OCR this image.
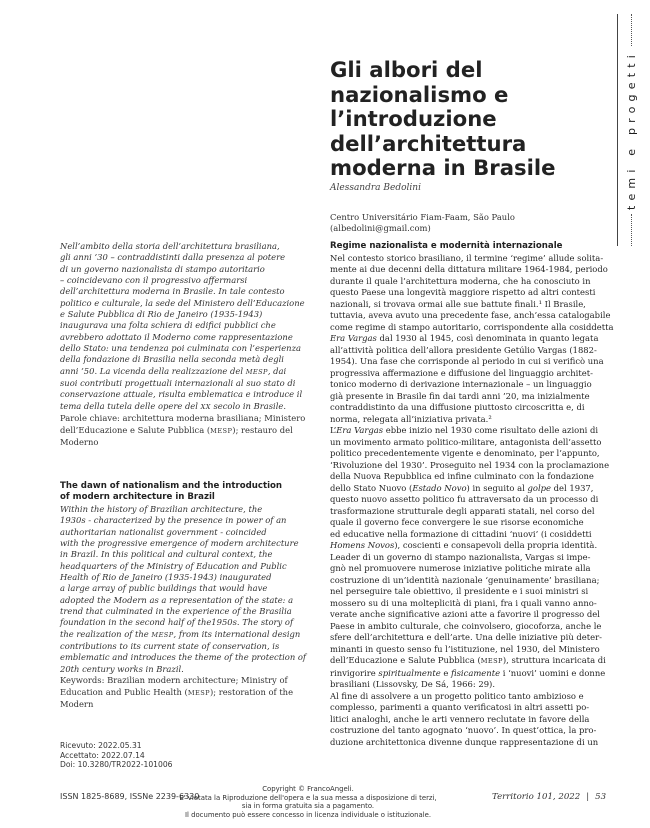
temi e progetti
Gli albori del
nazionalismo e
l’introduzione
dell’architettura
moderna in Brasile
Alessandra Bedolini
Centro Universitário Fiam-Faam, São Paulo
(albedolini@gmail.com)
Nell’ambito della storia dell’architettura brasiliana,
gli anni ’30 – contraddistinti dalla presenza al potere
di un governo nazionalista di stampo autoritario
– coincidevano con il progressivo affermarsi
dell’architettura moderna in Brasile. In tale contesto
politico e culturale, la sede del Ministero dell’Educazione
e Salute Pubblica di Rio de Janeiro (1935-1943)
inaugurava una folta schiera di edifici pubblici che
avrebbero adottato il Moderno come rappresentazione
dello Stato: una tendenza poi culminata con l’esperienza
della fondazione di Brasilia nella seconda metà degli
anni ’50. La vicenda della realizzazione del MESP, dai
suoi contributi progettuali internazionali al suo stato di
conservazione attuale, risulta emblematica e introduce il
tema della tutela delle opere del XX secolo in Brasile.
Parole chiave: architettura moderna brasiliana; Ministero
dell’Educazione e Salute Pubblica (MESP); restauro del
Moderno
The dawn of nationalism and the introduction
of modern architecture in Brazil
Within the history of Brazilian architecture, the
1930s - characterized by the presence in power of an
authoritarian nationalist government - coincided
with the progressive emergence of modern architecture
in Brazil. In this political and cultural context, the
headquarters of the Ministry of Education and Public
Health of Rio de Janeiro (1935-1943) inaugurated
a large array of public buildings that would have
adopted the Modern as a representation of the state: a
trend that culminated in the experience of the Brasilia
foundation in the second half of the1950s. The story of
the realization of the MESP, from its international design
contributions to its current state of conservation, is
emblematic and introduces the theme of the protection of
20th century works in Brazil.
Keywords: Brazilian modern architecture; Ministry of
Education and Public Health (MESP); restoration of the
Modern
Ricevuto: 2022.05.31
Accettato: 2022.07.14
Doi: 10.3280/TR2022-101006
Regime nazionalista e modernità internazionale
Nel contesto storico brasiliano, il termine ‘regime’ allude solita-
mente ai due decenni della dittatura militare 1964-1984, periodo
durante il quale l’architettura moderna, che ha conosciuto in
questo Paese una longevità maggiore rispetto ad altri contesti
nazionali, si trovava ormai alle sue battute finali.¹ Il Brasile,
tuttavia, aveva avuto una precedente fase, anch’essa catalogabile
come regime di stampo autoritario, corrispondente alla cosiddetta
Era Vargas dal 1930 al 1945, così denominata in quanto legata
all’attività politica dell’allora presidente Getúlio Vargas (1882-
1954). Una fase che corrisponde al periodo in cui si verificò una
progressiva affermazione e diffusione del linguaggio architet-
tonico moderno di derivazione internazionale – un linguaggio
già presente in Brasile fin dai tardi anni ’20, ma inizialmente
contraddistinto da una diffusione piuttosto circoscritta e, di
norma, relegata all’iniziativa privata.²
L’Era Vargas ebbe inizio nel 1930 come risultato delle azioni di
un movimento armato politico-militare, antagonista dell’assetto
politico precedentemente vigente e denominato, per l’appunto,
‘Rivoluzione del 1930’. Proseguito nel 1934 con la proclamazione
della Nuova Repubblica ed infine culminato con la fondazione
dello Stato Nuovo (Estado Novo) in seguito al golpe del 1937,
questo nuovo assetto politico fu attraversato da un processo di
trasformazione strutturale degli apparati statali, nel corso del
quale il governo fece convergere le sue risorse economiche
ed educative nella formazione di cittadini ‘nuovi’ (i cosiddetti
Homens Novos), coscienti e consapevoli della propria identità.
Leader di un governo di stampo nazionalista, Vargas si impe-
gnò nel promuovere numerose iniziative politiche mirate alla
costruzione di un’identità nazionale ‘genuinamente’ brasiliana;
nel perseguire tale obiettivo, il presidente e i suoi ministri si
mossero su di una molteplicità di piani, fra i quali vanno anno-
verate anche significative azioni atte a favorire il progresso del
Paese in ambito culturale, che coinvolsero, giocoforza, anche le
sfere dell’architettura e dell’arte. Una delle iniziative più deter-
minanti in questo senso fu l’istituzione, nel 1930, del Ministero
dell’Educazione e Salute Pubblica (MESP), struttura incaricata di
rinvigorire spiritualmente e fisicamente i ‘nuovi’ uomini e donne
brasiliani (Lissovsky, De Sá, 1966: 29).
Al fine di assolvere a un progetto politico tanto ambizioso e
complesso, parimenti a quanto verificatosi in altri assetti po-
litici analoghi, anche le arti vennero reclutate in favore della
costruzione del tanto agognato ‘nuovo’. In quest’ottica, la pro-
duzione architettonica divenne dunque rappresentazione di un
ISSN 1825-8689, ISSNe 2239-6330
Copyright © FrancoAngeli.
E' vietata la Riproduzione dell'opera e la sua messa a disposizione di terzi,
sia in forma gratuita sia a pagamento.
Il documento può essere concesso in licenza individuale o istituzionale.
Territorio 101, 2022 | 53
